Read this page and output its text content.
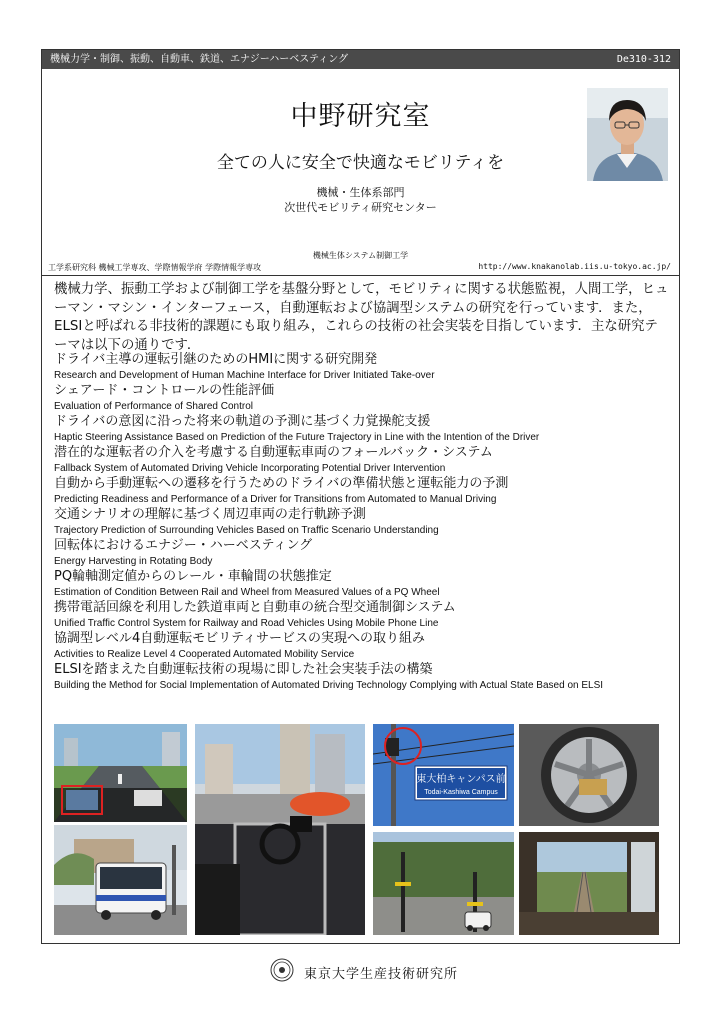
機械力学・制御、振動、自動車、鉄道、エナジーハーベスティング	De310-312
中野研究室
全ての人に安全で快適なモビリティを
機械・生体系部門
次世代モビリティ研究センター
機械生体システム制御工学
工学系研究科 機械工学専攻、学際情報学府 学際情報学専攻	http://www.knakanolab.iis.u-tokyo.ac.jp/
機械力学、振動工学および制御工学を基盤分野として，モビリティに関する状態監視，人間工学，ヒューマン・マシン・インターフェース，自動運転および協調型システムの研究を行っています．また，ELSIと呼ばれる非技術的課題にも取り組み，これらの技術の社会実装を目指しています．主な研究テーマは以下の通りです．
ドライバ主導の運転引継のためのHMIに関する研究開発
Research and Development of Human Machine Interface for Driver Initiated Take-over
シェアード・コントロールの性能評価
Evaluation of Performance of Shared Control
ドライバの意図に沿った将来の軌道の予測に基づく力覚操舵支援
Haptic Steering Assistance Based on Prediction of the Future Trajectory in Line with the Intention of the Driver
潜在的な運転者の介入を考慮する自動運転車両のフォールバック・システム
Fallback System of Automated Driving Vehicle Incorporating Potential Driver Intervention
自動から手動運転への遷移を行うためのドライバの準備状態と運転能力の予測
Predicting Readiness and Performance of a Driver for Transitions from Automated to Manual Driving
交通シナリオの理解に基づく周辺車両の走行軌跡予測
Trajectory Prediction of Surrounding Vehicles Based on Traffic Scenario Understanding
回転体におけるエナジー・ハーベスティング
Energy Harvesting in Rotating Body
PQ輪軸測定値からのレール・車輪間の状態推定
Estimation of Condition Between Rail and Wheel from Measured Values of a PQ Wheel
携帯電話回線を利用した鉄道車両と自動車の統合型交通制御システム
Unified Traffic Control System for Railway and Road Vehicles Using Mobile Phone Line
協調型レベル4自動運転モビリティサービスの実現への取り組み
Activities to Realize Level 4 Cooperated Automated Mobility Service
ELSIを踏まえた自動運転技術の現場に即した社会実装手法の構築
Building the Method for Social Implementation of Automated Driving Technology Complying with Actual State Based on ELSI
東大柏キャンパス前
Todai-Kashiwa Campus
東京大学生産技術研究所
